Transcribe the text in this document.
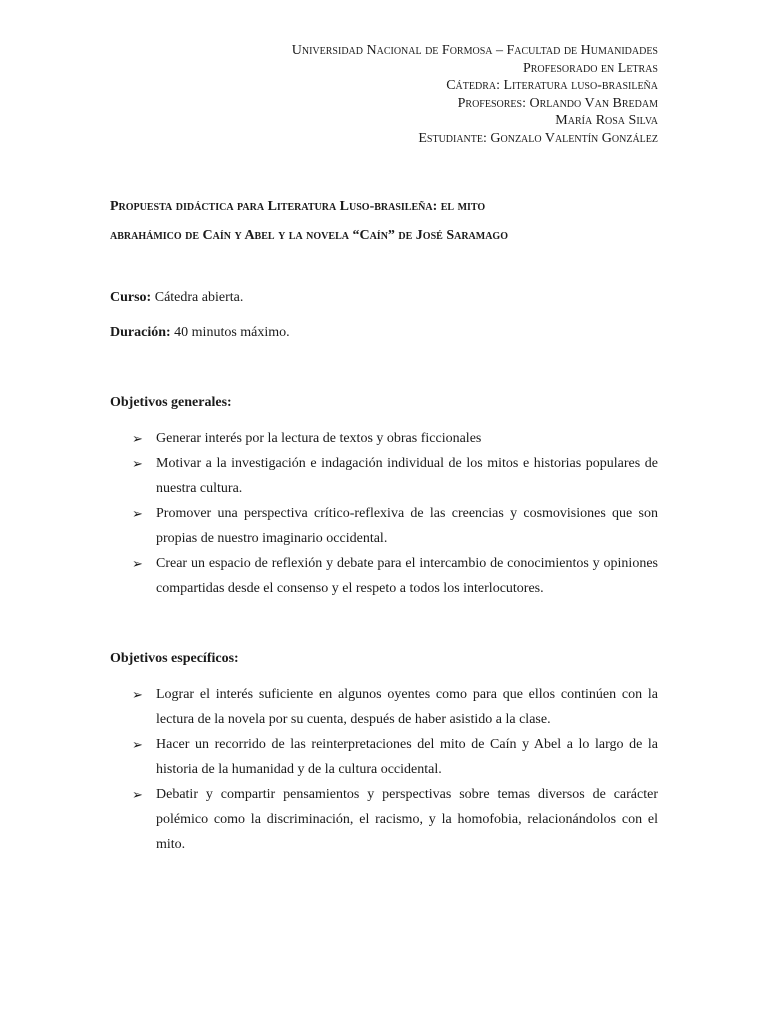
Universidad Nacional de Formosa – Facultad de Humanidades
Profesorado en Letras
Cátedra: Literatura luso-brasileña
Profesores: Orlando Van Bredam
María Rosa Silva
Estudiante: Gonzalo Valentín González
Propuesta didáctica para Literatura Luso-brasileña: el mito
abrahámico de Caín y Abel y la novela “Caín” de José Saramago
Curso: Cátedra abierta.
Duración: 40 minutos máximo.
Objetivos generales:
➢ Generar interés por la lectura de textos y obras ficcionales
➢ Motivar a la investigación e indagación individual de los mitos e historias populares de nuestra cultura.
➢ Promover una perspectiva crítico-reflexiva de las creencias y cosmovisiones que son propias de nuestro imaginario occidental.
➢ Crear un espacio de reflexión y debate para el intercambio de conocimientos y opiniones compartidas desde el consenso y el respeto a todos los interlocutores.
Objetivos específicos:
➢ Lograr el interés suficiente en algunos oyentes como para que ellos continúen con la lectura de la novela por su cuenta, después de haber asistido a la clase.
➢ Hacer un recorrido de las reinterpretaciones del mito de Caín y Abel a lo largo de la historia de la humanidad y de la cultura occidental.
➢ Debatir y compartir pensamientos y perspectivas sobre temas diversos de carácter polémico como la discriminación, el racismo, y la homofobia, relacionándolos con el mito.
